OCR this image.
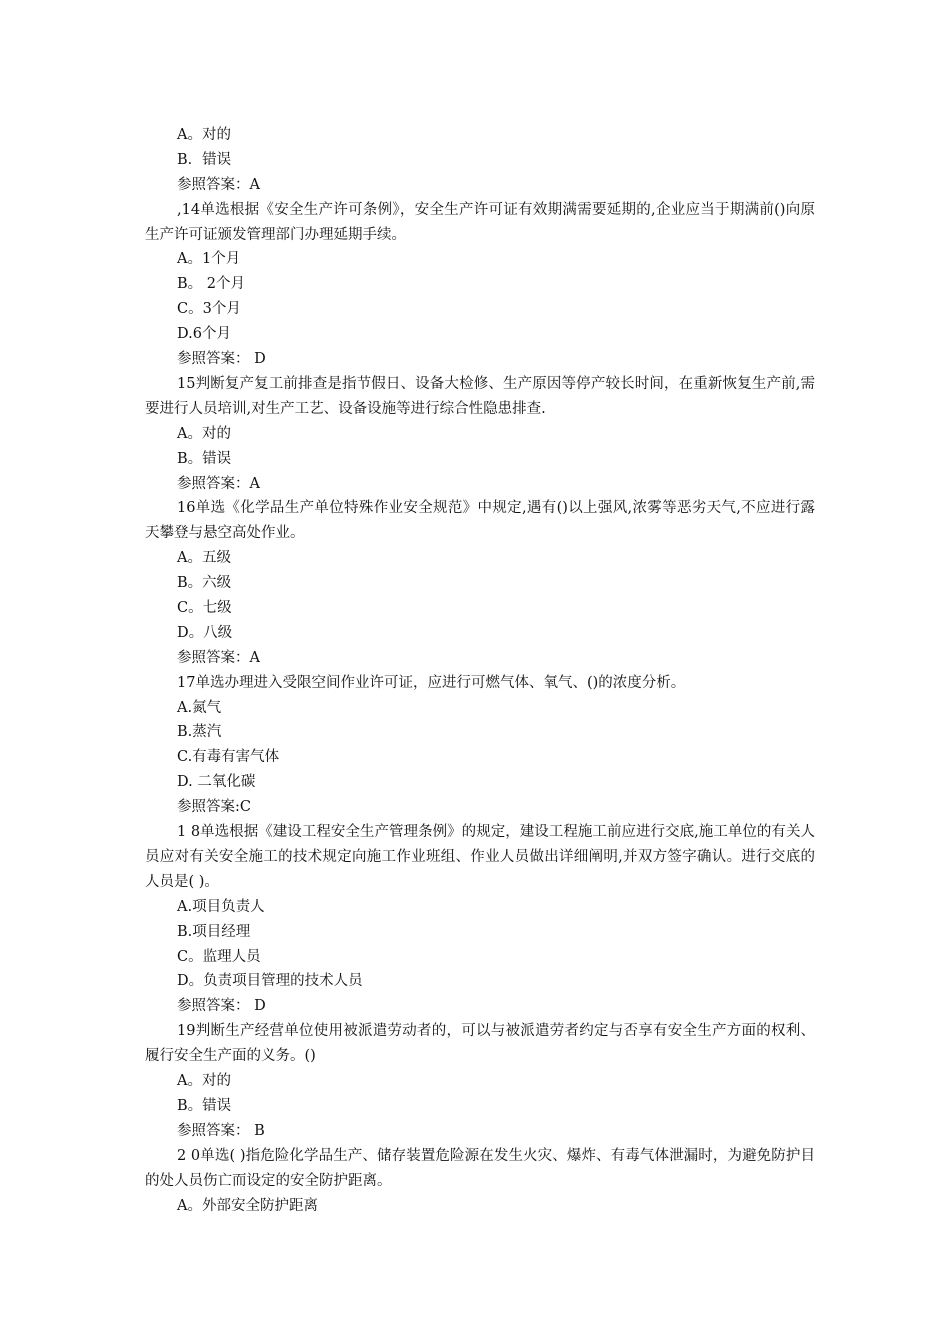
A。对的
B．错误
参照答案：A
,14单选根据《安全生产许可条例》，安全生产许可证有效期满需要延期的,企业应当于期满前()向原生产许可证颁发管理部门办理延期手续。
A。1个月
B。 2个月
C。3个月
D.6个月
参照答案： D
15判断复产复工前排查是指节假日、设备大检修、生产原因等停产较长时间，在重新恢复生产前,需要进行人员培训,对生产工艺、设备设施等进行综合性隐患排查.
A。对的
B。错误
参照答案：A
16单选《化学品生产单位特殊作业安全规范》中规定,遇有()以上强风,浓雾等恶劣天气,不应进行露天攀登与悬空高处作业。
A。五级
B。六级
C。七级
D。八级
参照答案：A
17单选办理进入受限空间作业许可证，应进行可燃气体、氧气、()的浓度分析。
A.氮气
B.蒸汽
C.有毒有害气体
D. 二氧化碳
参照答案:C
1 8单选根据《建设工程安全生产管理条例》的规定，建设工程施工前应进行交底,施工单位的有关人员应对有关安全施工的技术规定向施工作业班组、作业人员做出详细阐明,并双方签字确认。进行交底的人员是( )。
A.项目负责人
B.项目经理
C。监理人员
D。负责项目管理的技术人员
参照答案： D
19判断生产经营单位使用被派遣劳动者的，可以与被派遣劳者约定与否享有安全生产方面的权利、履行安全生产面的义务。()
A。对的
B。错误
参照答案： B
2 0单选( )指危险化学品生产、储存装置危险源在发生火灾、爆炸、有毒气体泄漏时，为避免防护目的处人员伤亡而设定的安全防护距离。
A。外部安全防护距离
